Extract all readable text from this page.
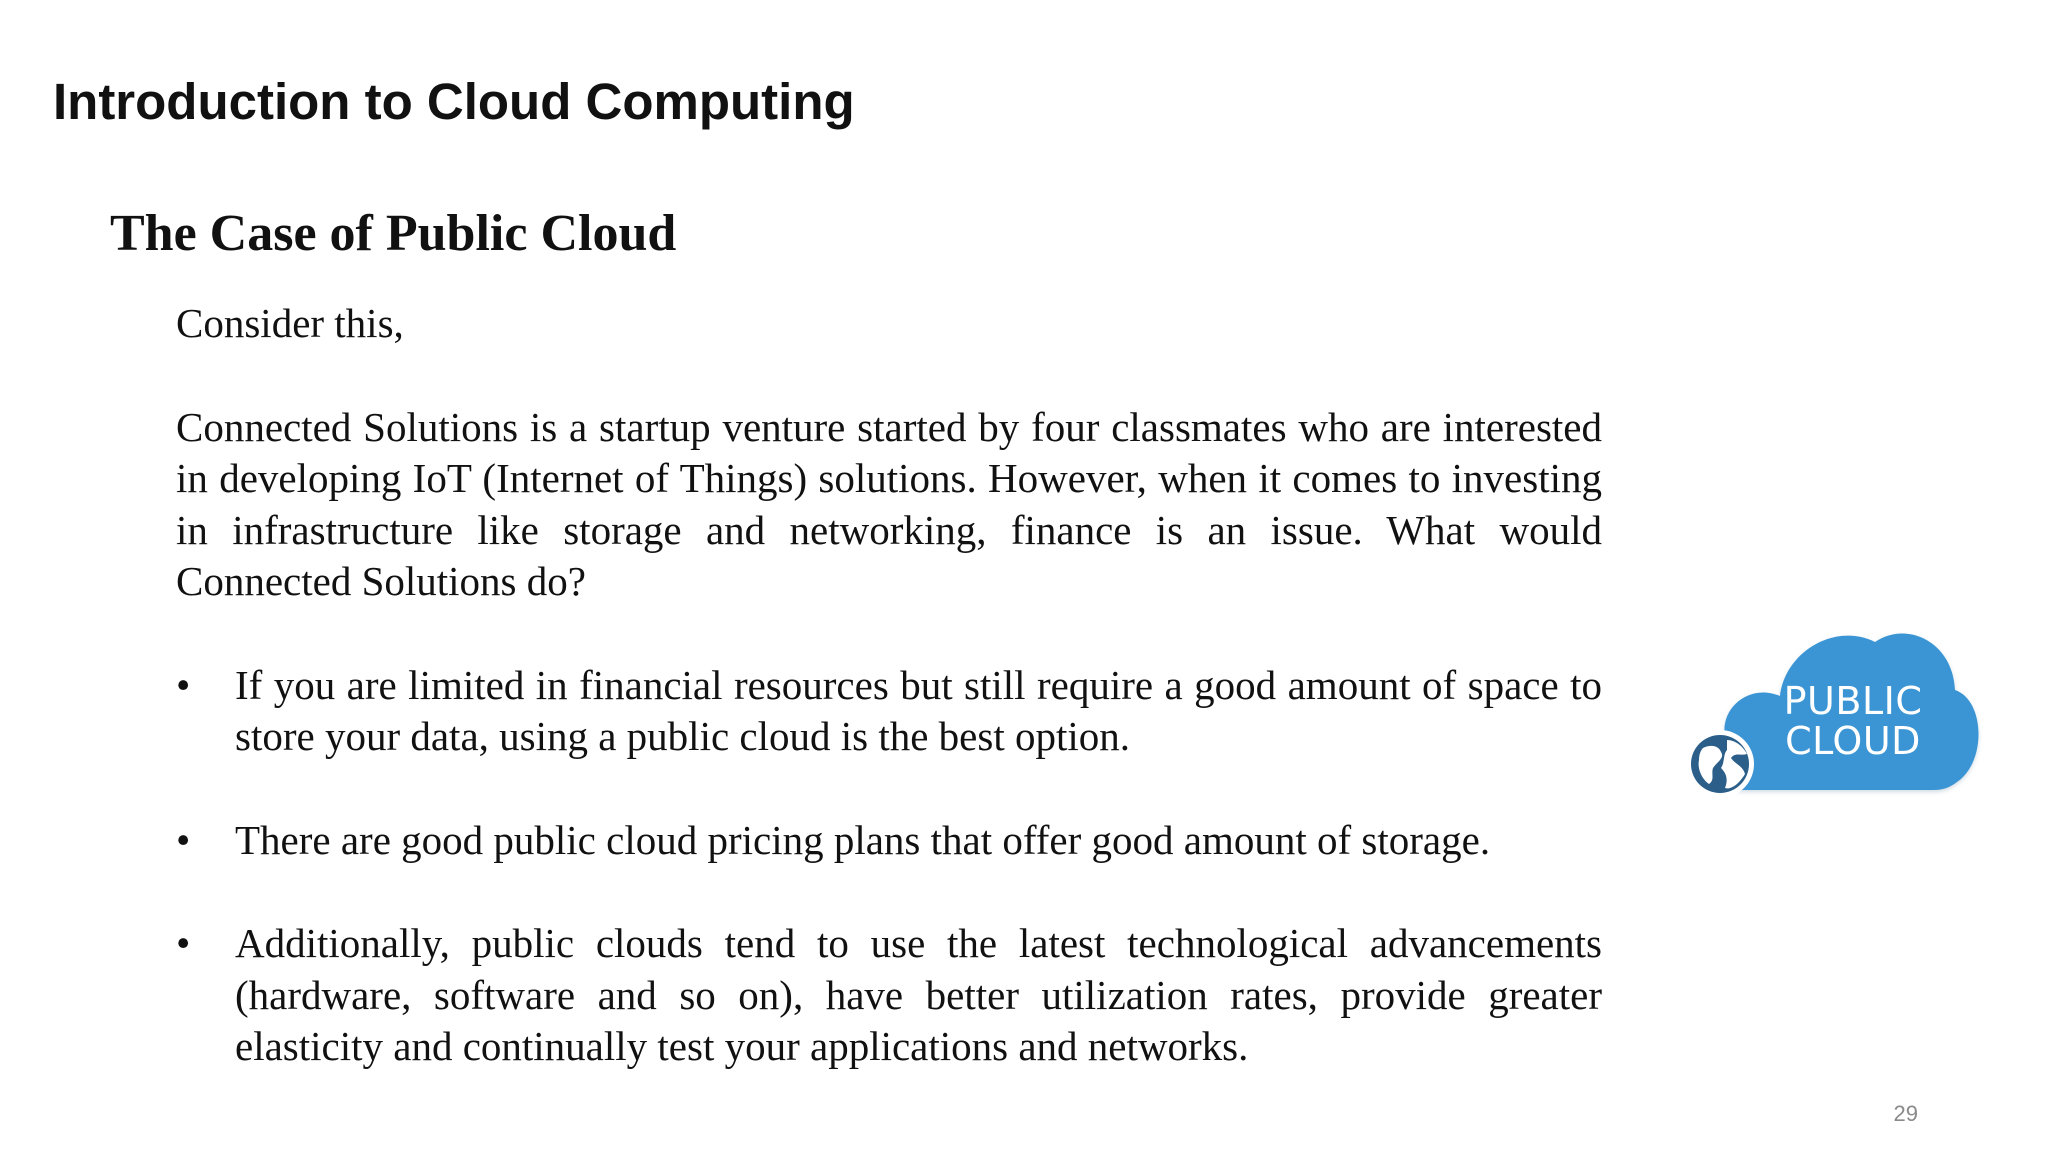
Introduction to Cloud Computing
The Case of Public Cloud

Consider this,

Connected Solutions is a startup venture started by four classmates who are interested in developing IoT (Internet of Things) solutions. However, when it comes to investing in infrastructure like storage and networking, finance is an issue. What would Connected Solutions do?

•	If you are limited in financial resources but still require a good amount of space to store your data, using a public cloud is the best option.
•	There are good public cloud pricing plans that offer good amount of storage.
•	Additionally, public clouds tend to use the latest technological advancements (hardware, software and so on), have better utilization rates, provide greater elasticity and continually test your applications and networks.
PUBLIC
CLOUD
29
